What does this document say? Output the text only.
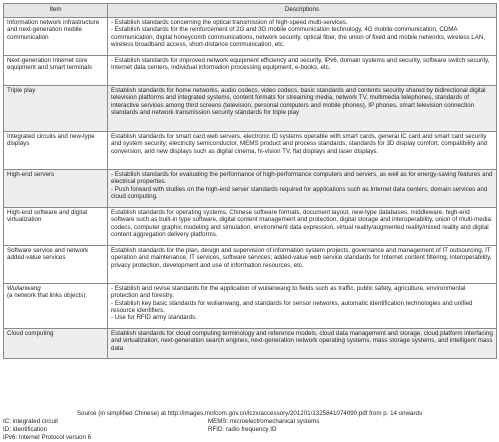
Item	Descriptions
Information network infrastructure and next-generation mobile communication	- Establish standards concerning the optical transmission of high-speed multi-services.
- Establish standards for the reinforcement of 2G and 3G mobile communication technology, 4G mobile communication, CDMA communication, digital honeycomb communications, network security, optical fiber, the union of fixed and mobile networks, wireless LAN, wireless broadband access, short-distance communication, etc.

Next-generation Internet core equipment and smart terminals	- Establish standards for improved network equipment efficiency and security, IPv6, domain systems and security, software switch security, Internet data centers, individual information processing equipment, e-books, etc.
Triple play	Establish standards for home networks, audio codecs, video codecs, basic standards and contents security shared by bidirectional digital television platforms and integrated systems, content formats for streaming media, network TV, multimedia telephones, standards of interactive services among third screens (television, personal computers and mobile phones), IP phones, smart television connection standards and network transmission security standards for triple play
Integrated circuits and new-type displays	Establish standards for smart card web servers, electronic ID systems operable with smart cards, general IC card and smart card security and system security; electricity semiconductor, MEMS product and process standards; standards for 3D display comfort, compatibility and conversion, and new displays such as digital cinema, hi-vision TV, flat displays and laser displays.
High-end servers	- Establish standards for evaluating the performance of high-performance computers and servers, as well as for energy-saving features and electrical properties.
- Push forward with studies on the high-end server standards required for applications such as Internet data centers, domain services and cloud computing.
High-end software and digital virtualization	Establish standards for operating systems, Chinese software formats, document layout, new-type databases, middleware, high-end software such as built-in type software, digital content management and protection, digital storage and interoperability, union of multi-media codecs, computer graphic modeling and simulation, environment data expression, virtual reality/augmented reality/mixed reality and digital content aggregation delivery platforms.
Software service and network added-value services	Establish standards for the plan, design and supervision of information system projects, governance and management of IT outsourcing, IT operation and maintenance, IT services, software services; added-value web service standards for Internet content filtering, interoperability, privacy protection, development and use of information resources, etc.
Wulianwang
(a network that links objects):	- Establish and revise standards for the application of wulianwang to fields such as traffic, public safety, agriculture, environmental protection and forestry.
- Establish key basic standards for wulianwang, and standards for sensor networks, automatic identification technologies and unified resource identifiers.
- Use for RFID army standards.
Cloud computing	Establish standards for cloud computing terminology and reference models, cloud data management and storage, cloud platform interfacing and virtualization, next-generation search engines, next-generation network operating systems, mass storage systems, and intelligent mass data
Source (in simplified Chinese) at http://images.mofcom.gov.cn/lczx/accessory/201201/1325841074090.pdf from p. 14 onwards
IC: integrated circuit
ID: identification
IPv6: Internet Protocol version 6
MEMS: microelectromechanical systems
RFID: radio frequency ID
